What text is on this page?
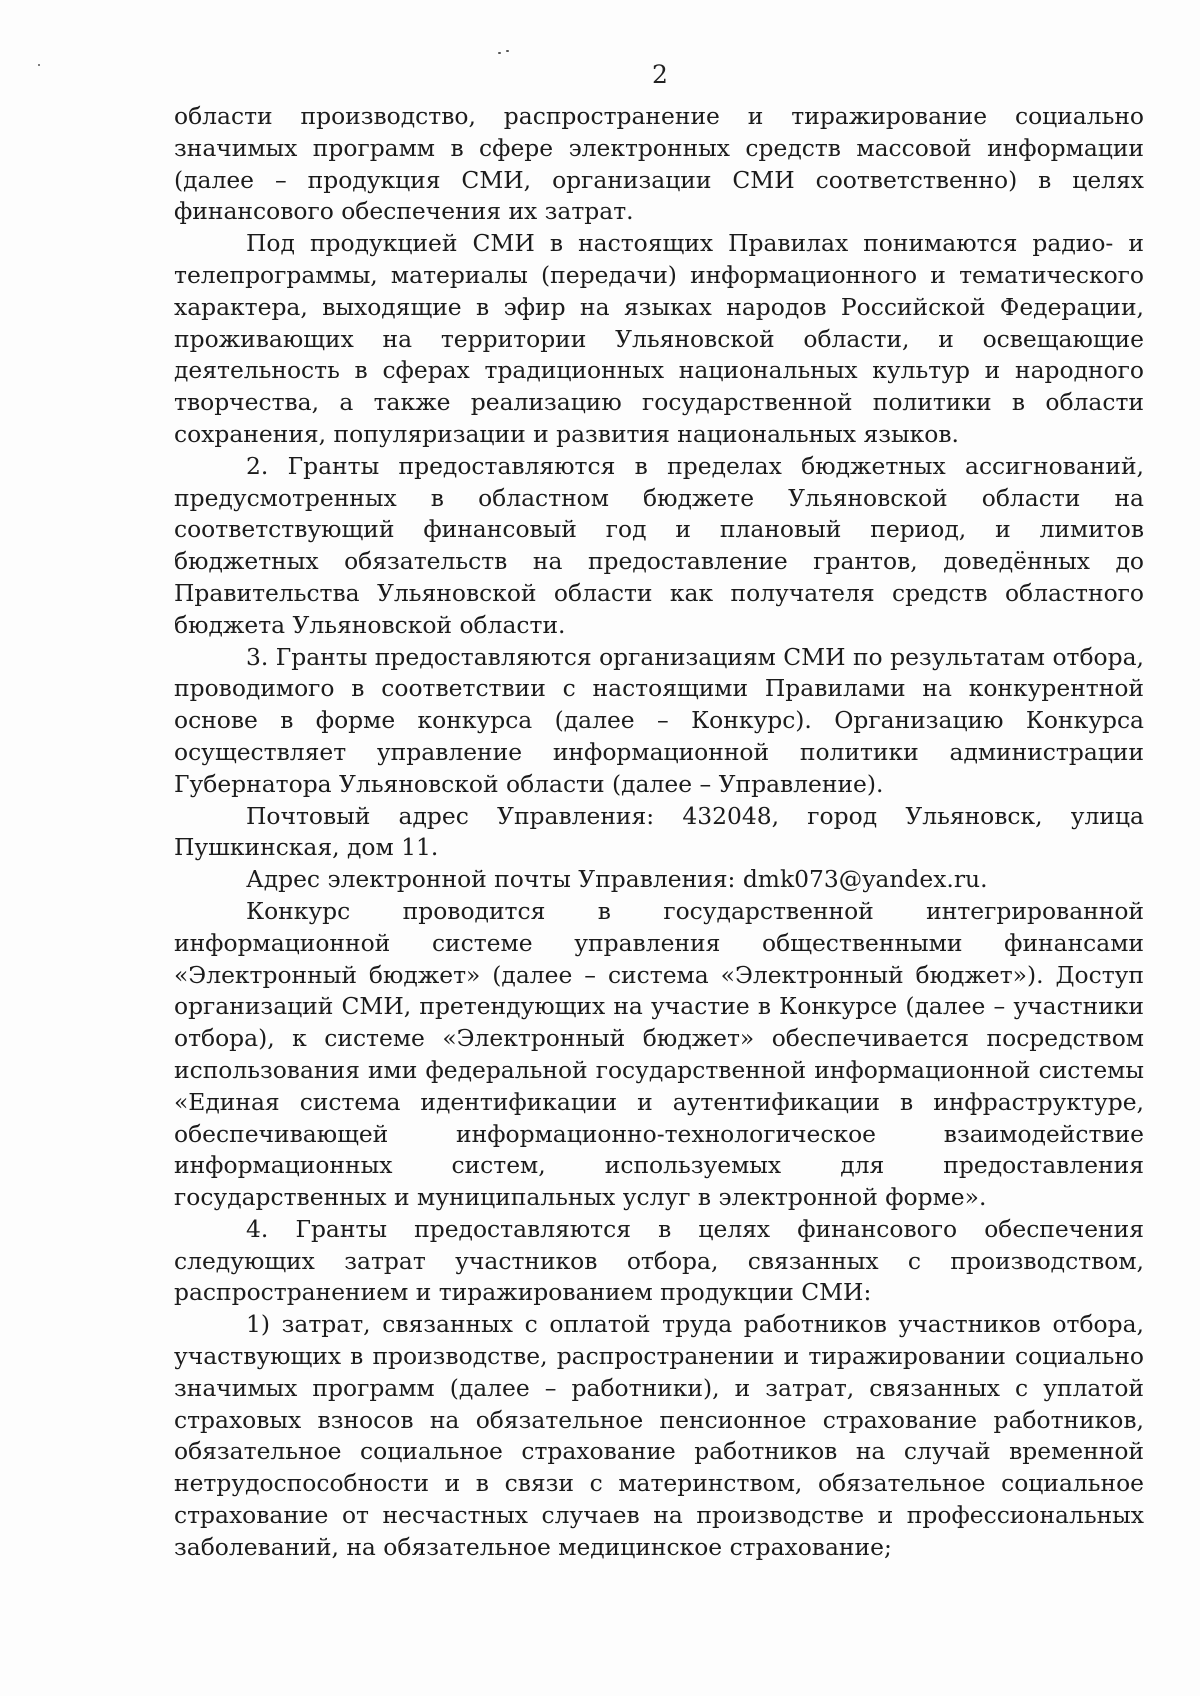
2

области производство, распространение и тиражирование социально значимых программ в сфере электронных средств массовой информации (далее – продукция СМИ, организации СМИ соответственно) в целях финансового обеспечения их затрат.

Под продукцией СМИ в настоящих Правилах понимаются радио- и телепрограммы, материалы (передачи) информационного и тематического характера, выходящие в эфир на языках народов Российской Федерации, проживающих на территории Ульяновской области, и освещающие деятельность в сферах традиционных национальных культур и народного творчества, а также реализацию государственной политики в области сохранения, популяризации и развития национальных языков.

2. Гранты предоставляются в пределах бюджетных ассигнований, предусмотренных в областном бюджете Ульяновской области на соответствующий финансовый год и плановый период, и лимитов бюджетных обязательств на предоставление грантов, доведённых до Правительства Ульяновской области как получателя средств областного бюджета Ульяновской области.

3. Гранты предоставляются организациям СМИ по результатам отбора, проводимого в соответствии с настоящими Правилами на конкурентной основе в форме конкурса (далее – Конкурс). Организацию Конкурса осуществляет управление информационной политики администрации Губернатора Ульяновской области (далее – Управление).

Почтовый адрес Управления: 432048, город Ульяновск, улица Пушкинская, дом 11.

Адрес электронной почты Управления: dmk073@yandex.ru.

Конкурс проводится в государственной интегрированной информационной системе управления общественными финансами «Электронный бюджет» (далее – система «Электронный бюджет»). Доступ организаций СМИ, претендующих на участие в Конкурсе (далее – участники отбора), к системе «Электронный бюджет» обеспечивается посредством использования ими федеральной государственной информационной системы «Единая система идентификации и аутентификации в инфраструктуре, обеспечивающей информационно-технологическое взаимодействие информационных систем, используемых для предоставления государственных и муниципальных услуг в электронной форме».

4. Гранты предоставляются в целях финансового обеспечения следующих затрат участников отбора, связанных с производством, распространением и тиражированием продукции СМИ:

1) затрат, связанных с оплатой труда работников участников отбора, участвующих в производстве, распространении и тиражировании социально значимых программ (далее – работники), и затрат, связанных с уплатой страховых взносов на обязательное пенсионное страхование работников, обязательное социальное страхование работников на случай временной нетрудоспособности и в связи с материнством, обязательное социальное страхование от несчастных случаев на производстве и профессиональных заболеваний, на обязательное медицинское страхование;
